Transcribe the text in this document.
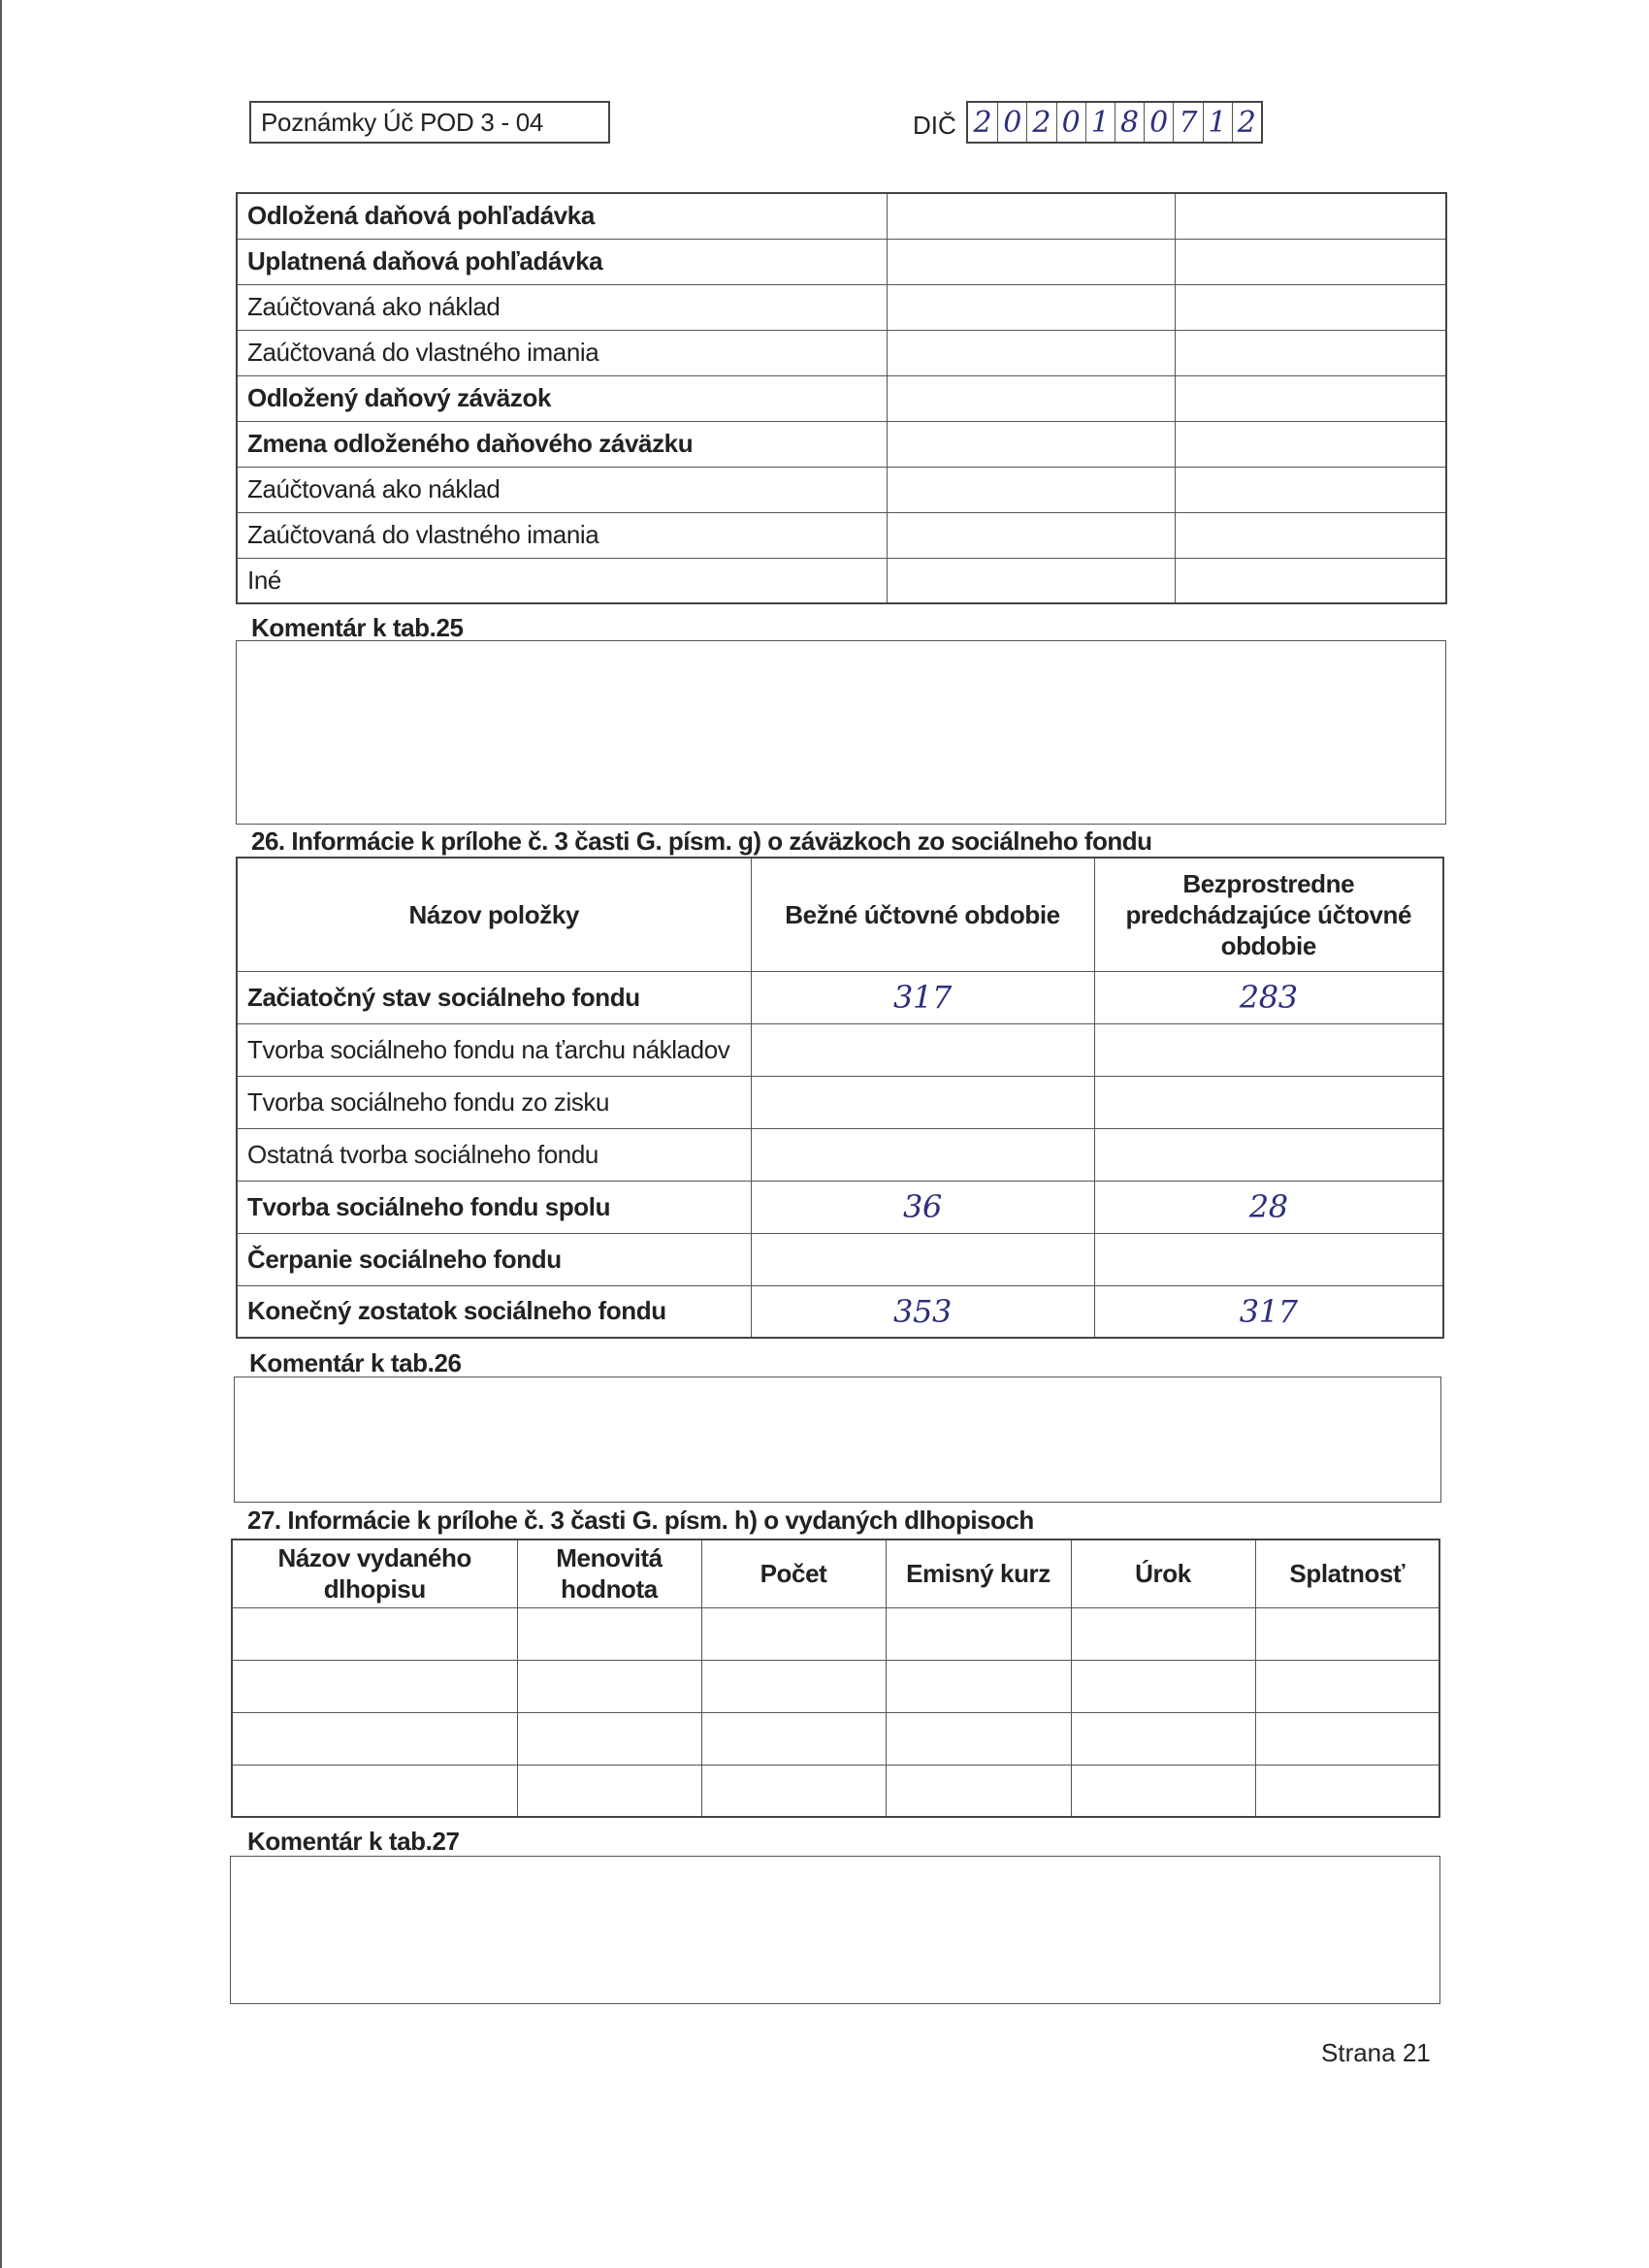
Poznámky Úč POD 3 - 04	DIČ 2 0 2 0 1 8 0 7 1 2
Odložená daňová pohľadávka		
Uplatnená daňová pohľadávka		
Zaúčtovaná ako náklad		
Zaúčtovaná do vlastného imania		
Odložený daňový záväzok		
Zmena odloženého daňového záväzku		
Zaúčtovaná ako náklad		
Zaúčtovaná do vlastného imania		
Iné		
Komentár k tab.25
26. Informácie k prílohe č. 3 časti G. písm. g) o záväzkoch zo sociálneho fondu
Názov položky	Bežné účtovné obdobie	Bezprostredne predchádzajúce účtovné obdobie
Začiatočný stav sociálneho fondu	317	283
Tvorba sociálneho fondu na ťarchu nákladov		
Tvorba sociálneho fondu zo zisku		
Ostatná tvorba sociálneho fondu		
Tvorba sociálneho fondu spolu	36	28
Čerpanie sociálneho fondu		
Konečný zostatok sociálneho fondu	353	317
Komentár k tab.26
27. Informácie k prílohe č. 3 časti G. písm. h) o vydaných dlhopisoch
Názov vydaného dlhopisu	Menovitá hodnota	Počet	Emisný kurz	Úrok	Splatnosť

Komentár k tab.27
Strana 21
